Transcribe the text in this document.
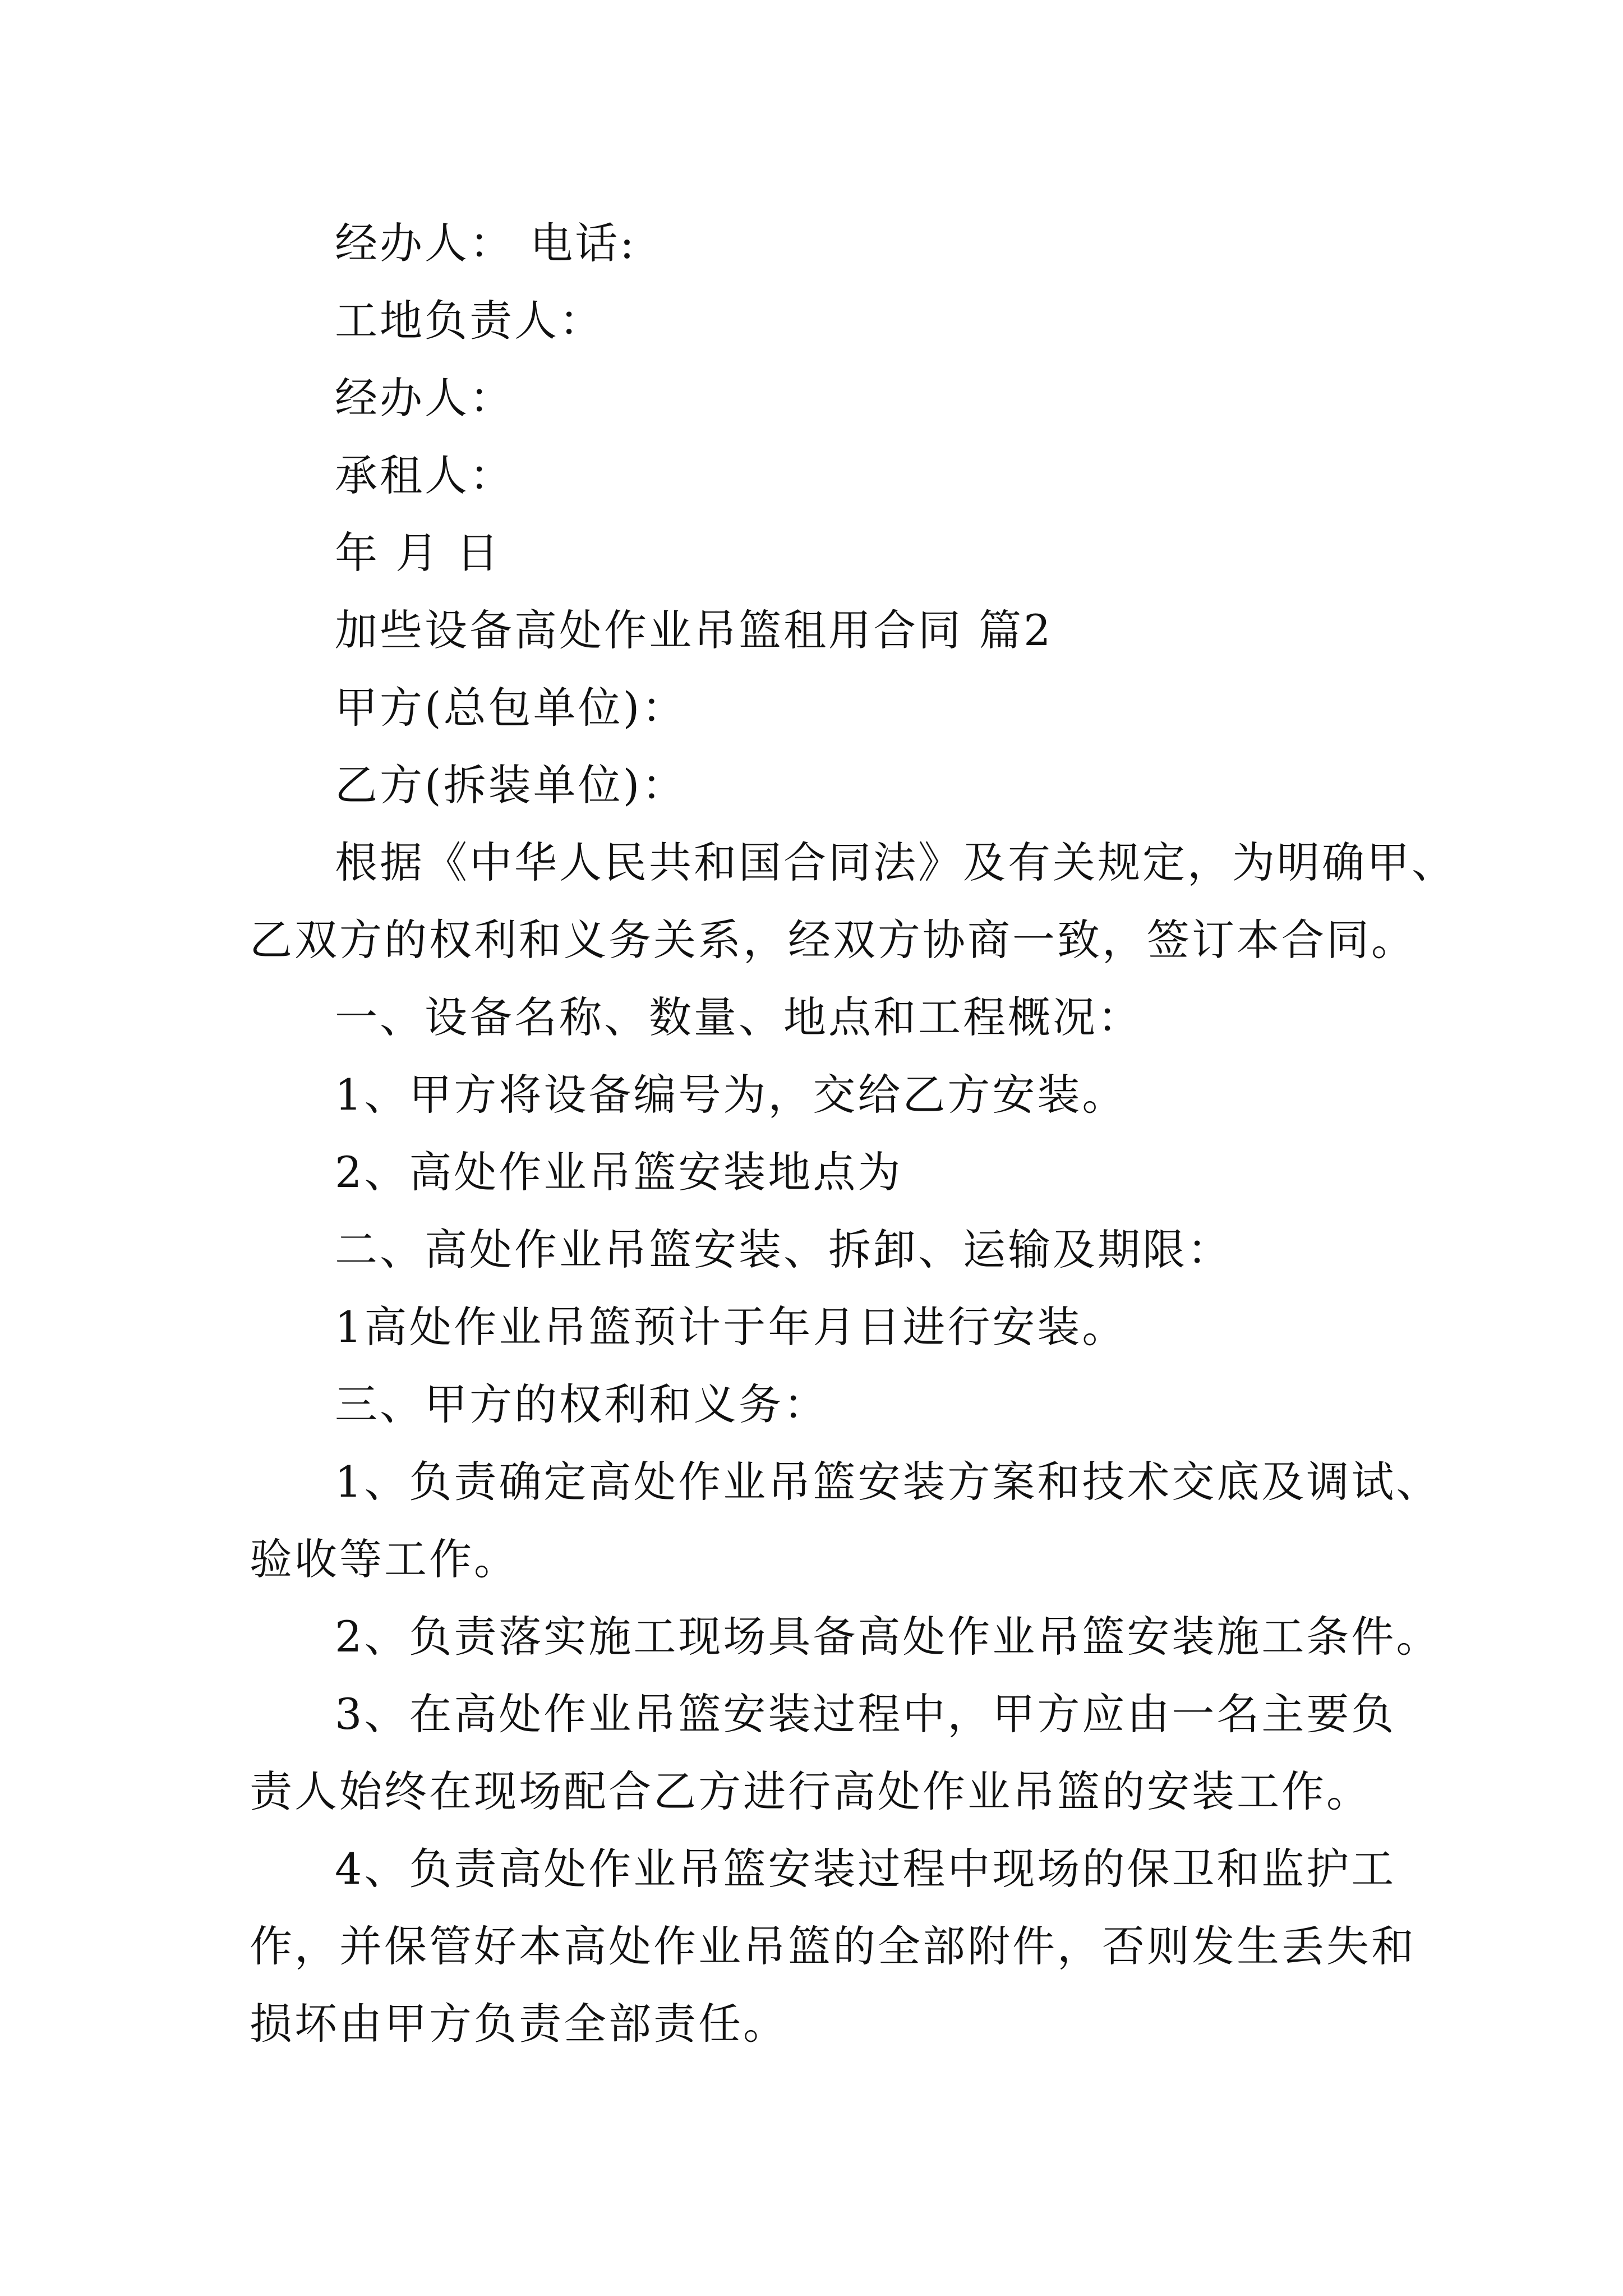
经办人： 电话:

工地负责人：

经办人：

承租人：

年 月 日

加些设备高处作业吊篮租用合同 篇2

甲方(总包单位)：

乙方(拆装单位)：

根据《中华人民共和国合同法》及有关规定，为明确甲、

乙双方的权利和义务关系，经双方协商一致，签订本合同。

一、设备名称、数量、地点和工程概况：

1、甲方将设备编号为，交给乙方安装。

2、高处作业吊篮安装地点为

二、高处作业吊篮安装、拆卸、运输及期限：

1高处作业吊篮预计于年月日进行安装。

三、甲方的权利和义务：

1、负责确定高处作业吊篮安装方案和技术交底及调试、

验收等工作。

2、负责落实施工现场具备高处作业吊篮安装施工条件。

3、在高处作业吊篮安装过程中，甲方应由一名主要负

责人始终在现场配合乙方进行高处作业吊篮的安装工作。

4、负责高处作业吊篮安装过程中现场的保卫和监护工

作，并保管好本高处作业吊篮的全部附件，否则发生丢失和

损坏由甲方负责全部责任。
